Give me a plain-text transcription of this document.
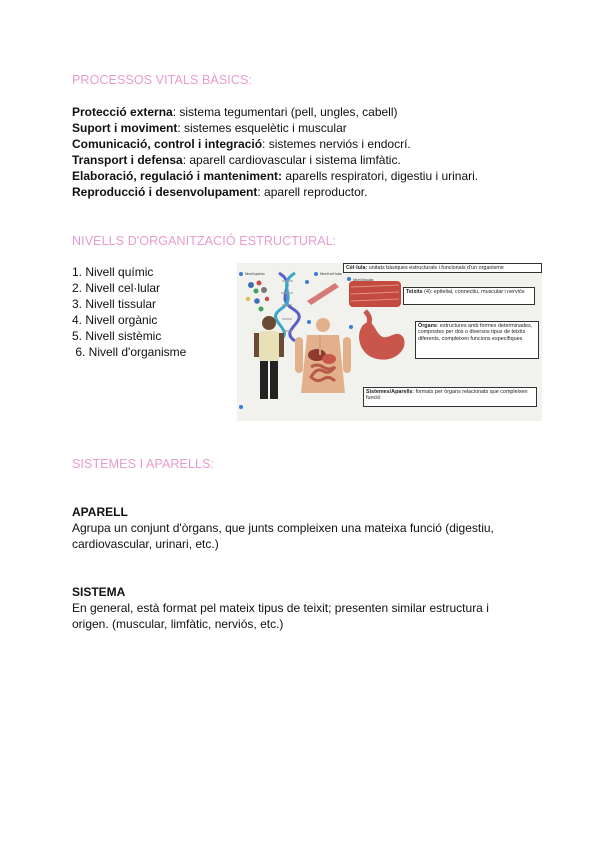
PROCESSOS VITALS BÀSICS:
Protecció externa: sistema tegumentari (pell, ungles, cabell)
Suport i moviment: sistemes esquelètic i muscular
Comunicació, control i integració: sistemes nerviós i endocrí.
Transport i defensa: aparell cardiovascular i sistema limfàtic.
Elaboració, regulació i manteniment: aparells respiratori, digestiu i urinari.
Reproducció i desenvolupament: aparell reproductor.
NIVELLS D'ORGANITZACIÓ ESTRUCTURAL:
1. Nivell químic
2. Nivell cel·lular
3. Nivell tissular
4. Nivell orgànic
5. Nivell sistèmic
6. Nivell d'organisme
Nivell cel·lular
Nivell tissular
Nivell químic
Cèl·lula: unitats bàsiques estructurals i funcionals d'un organisme
Teixits (4): epitelial, connectiu, muscular i nerviós
Òrgans: estructures amb formes determinades, compostes per dos o diversos tipus de teixits diferents, compleixen funcions específiques
Sistemes/Aparells: formats per òrgans relacionats que compleixen funció
SISTEMES I APARELLS:
APARELL
Agrupa un conjunt d'òrgans, que junts compleixen una mateixa funció (digestiu, cardiovascular, urinari, etc.)
SISTEMA
En general, està format pel mateix tipus de teixit; presenten similar estructura i origen. (muscular, limfàtic, nerviós, etc.)
